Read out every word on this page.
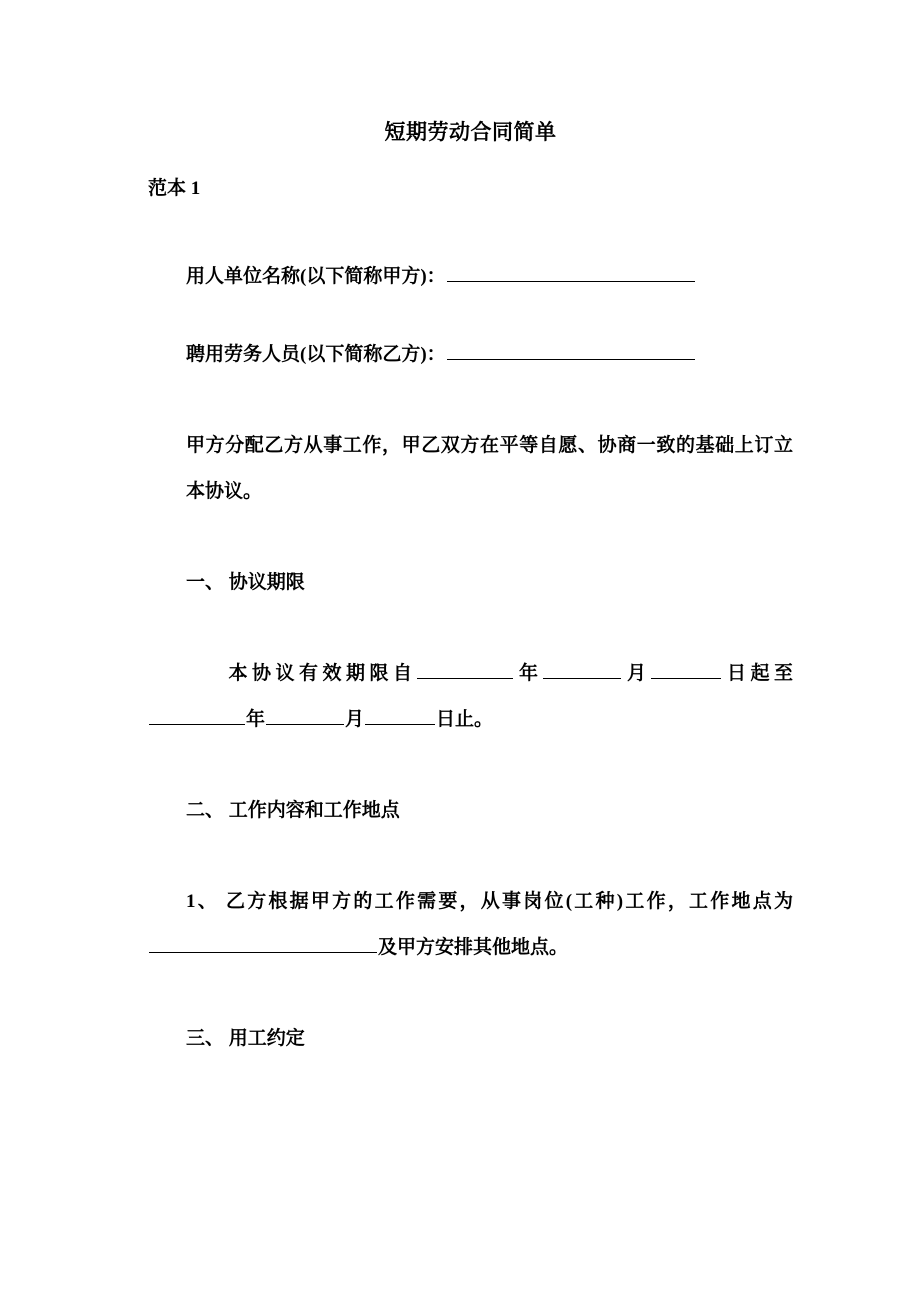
短期劳动合同简单

范本 1

用人单位名称(以下简称甲方)：

聘用劳务人员(以下简称乙方)：

甲方分配乙方从事工作，甲乙双方在平等自愿、协商一致的基础上订立本协议。

一、 协议期限

本协议有效期限自	年	月	日起至年	月	日止。

二、 工作内容和工作地点

1、 乙方根据甲方的工作需要，从事岗位(工种)工作，工作地点为及甲方安排其他地点。

三、 用工约定
